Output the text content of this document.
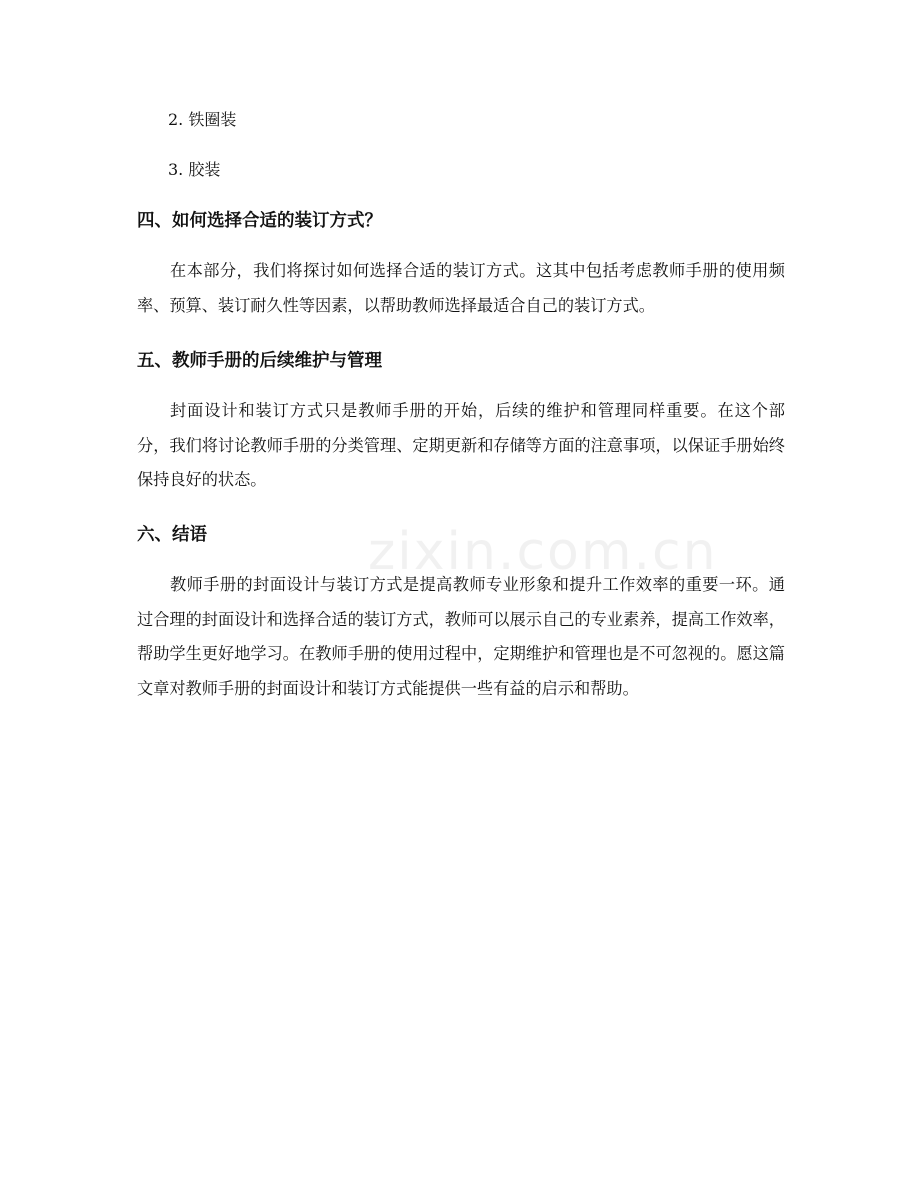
2. 铁圈装
3. 胶装
四、如何选择合适的装订方式？
在本部分，我们将探讨如何选择合适的装订方式。这其中包括考虑教师手册的使用频率、预算、装订耐久性等因素，以帮助教师选择最适合自己的装订方式。
五、教师手册的后续维护与管理
封面设计和装订方式只是教师手册的开始，后续的维护和管理同样重要。在这个部分，我们将讨论教师手册的分类管理、定期更新和存储等方面的注意事项，以保证手册始终保持良好的状态。
六、结语
教师手册的封面设计与装订方式是提高教师专业形象和提升工作效率的重要一环。通过合理的封面设计和选择合适的装订方式，教师可以展示自己的专业素养，提高工作效率，帮助学生更好地学习。在教师手册的使用过程中，定期维护和管理也是不可忽视的。愿这篇文章对教师手册的封面设计和装订方式能提供一些有益的启示和帮助。
zixin.com.cn
